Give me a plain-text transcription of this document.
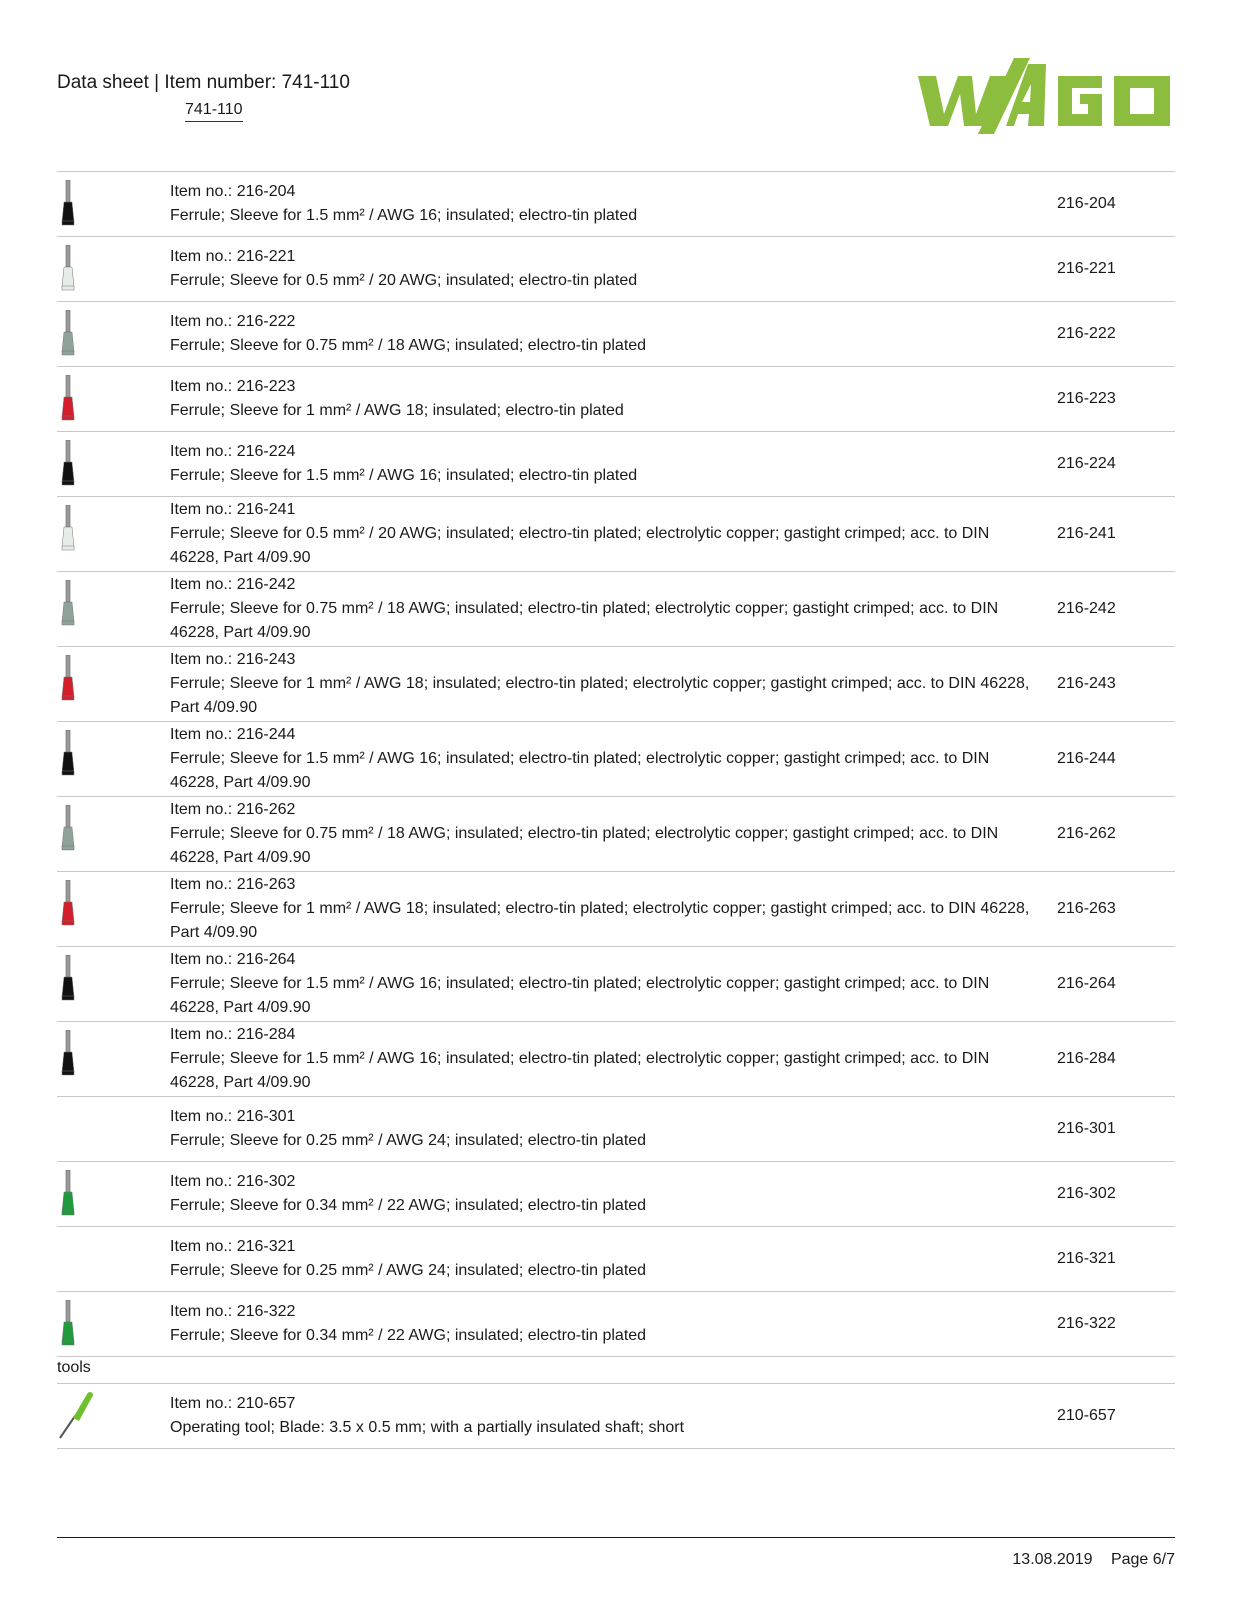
Data sheet | Item number: 741-110
741-110
Item no.: 216-204
Ferrule; Sleeve for 1.5 mm² / AWG 16; insulated; electro-tin plated
216-204
Item no.: 216-221
Ferrule; Sleeve for 0.5 mm² / 20 AWG; insulated; electro-tin plated
216-221
Item no.: 216-222
Ferrule; Sleeve for 0.75 mm² / 18 AWG; insulated; electro-tin plated
216-222
Item no.: 216-223
Ferrule; Sleeve for 1 mm² / AWG 18; insulated; electro-tin plated
216-223
Item no.: 216-224
Ferrule; Sleeve for 1.5 mm² / AWG 16; insulated; electro-tin plated
216-224
Item no.: 216-241
Ferrule; Sleeve for 0.5 mm² / 20 AWG; insulated; electro-tin plated; electrolytic copper; gastight crimped; acc. to DIN 46228, Part 4/09.90
216-241
Item no.: 216-242
Ferrule; Sleeve for 0.75 mm² / 18 AWG; insulated; electro-tin plated; electrolytic copper; gastight crimped; acc. to DIN 46228, Part 4/09.90
216-242
Item no.: 216-243
Ferrule; Sleeve for 1 mm² / AWG 18; insulated; electro-tin plated; electrolytic copper; gastight crimped; acc. to DIN 46228, Part 4/09.90
216-243
Item no.: 216-244
Ferrule; Sleeve for 1.5 mm² / AWG 16; insulated; electro-tin plated; electrolytic copper; gastight crimped; acc. to DIN 46228, Part 4/09.90
216-244
Item no.: 216-262
Ferrule; Sleeve for 0.75 mm² / 18 AWG; insulated; electro-tin plated; electrolytic copper; gastight crimped; acc. to DIN 46228, Part 4/09.90
216-262
Item no.: 216-263
Ferrule; Sleeve for 1 mm² / AWG 18; insulated; electro-tin plated; electrolytic copper; gastight crimped; acc. to DIN 46228, Part 4/09.90
216-263
Item no.: 216-264
Ferrule; Sleeve for 1.5 mm² / AWG 16; insulated; electro-tin plated; electrolytic copper; gastight crimped; acc. to DIN 46228, Part 4/09.90
216-264
Item no.: 216-284
Ferrule; Sleeve for 1.5 mm² / AWG 16; insulated; electro-tin plated; electrolytic copper; gastight crimped; acc. to DIN 46228, Part 4/09.90
216-284
Item no.: 216-301
Ferrule; Sleeve for 0.25 mm² / AWG 24; insulated; electro-tin plated
216-301
Item no.: 216-302
Ferrule; Sleeve for 0.34 mm² / 22 AWG; insulated; electro-tin plated
216-302
Item no.: 216-321
Ferrule; Sleeve for 0.25 mm² / AWG 24; insulated; electro-tin plated
216-321
Item no.: 216-322
Ferrule; Sleeve for 0.34 mm² / 22 AWG; insulated; electro-tin plated
216-322
tools
Item no.: 210-657
Operating tool; Blade: 3.5 x 0.5 mm; with a partially insulated shaft; short
210-657
13.08.2019 Page 6/7
